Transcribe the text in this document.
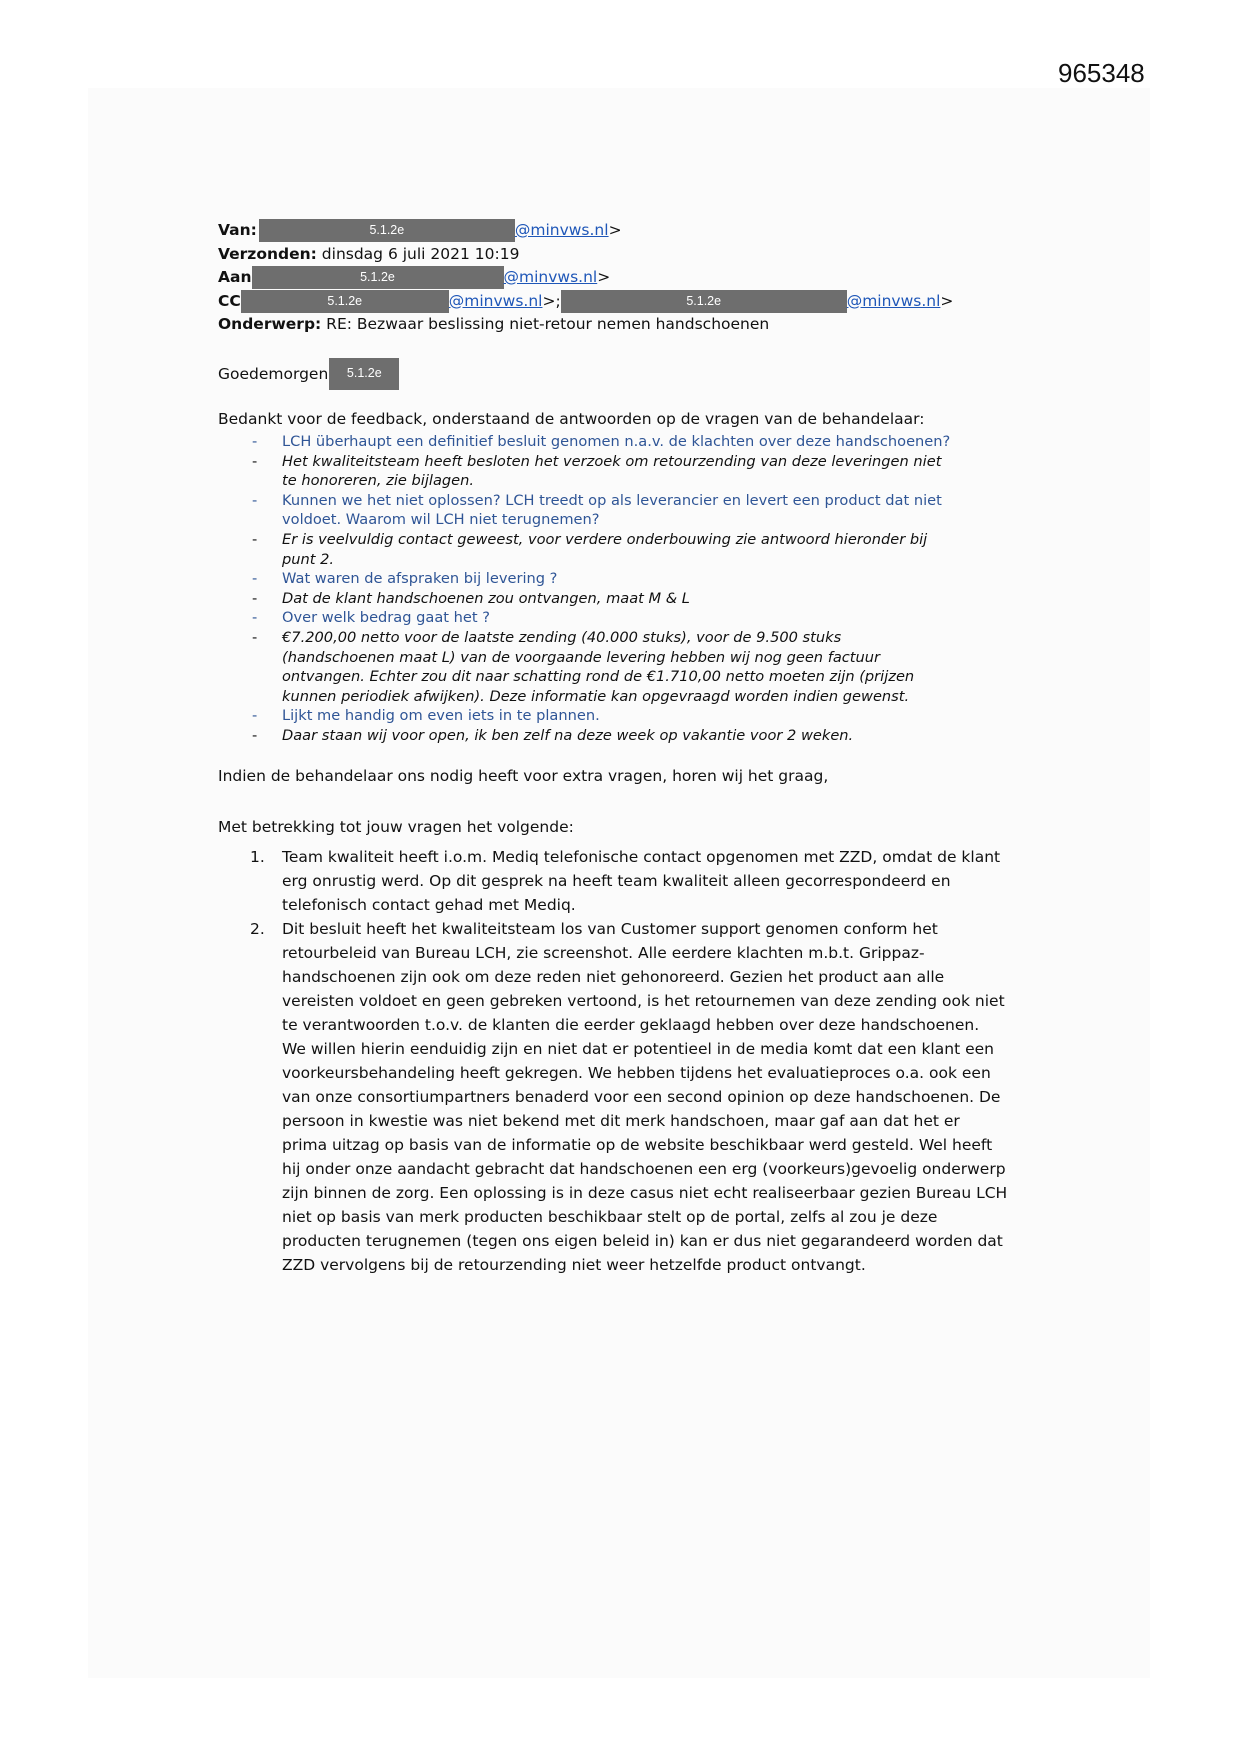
965348
Van:	5.1.2e	@minvws.nl>
Verzonden: dinsdag 6 juli 2021 10:19
Aan	5.1.2e	@minvws.nl>
CC	5.1.2e	@minvws.nl>;	5.1.2e	@minvws.nl>
Onderwerp: RE: Bezwaar beslissing niet-retour nemen handschoenen
Goedemorgen 5.1.2e
Bedankt voor de feedback, onderstaand de antwoorden op de vragen van de behandelaar:
- LCH überhaupt een definitief besluit genomen n.a.v. de klachten over deze handschoenen?
- Het kwaliteitsteam heeft besloten het verzoek om retourzending van deze leveringen niet
te honoreren, zie bijlagen.
- Kunnen we het niet oplossen? LCH treedt op als leverancier en levert een product dat niet
voldoet. Waarom wil LCH niet terugnemen?
- Er is veelvuldig contact geweest, voor verdere onderbouwing zie antwoord hieronder bij
punt 2.
- Wat waren de afspraken bij levering ?
- Dat de klant handschoenen zou ontvangen, maat M & L
- Over welk bedrag gaat het ?
- €7.200,00 netto voor de laatste zending (40.000 stuks), voor de 9.500 stuks
(handschoenen maat L) van de voorgaande levering hebben wij nog geen factuur
ontvangen. Echter zou dit naar schatting rond de €1.710,00 netto moeten zijn (prijzen
kunnen periodiek afwijken). Deze informatie kan opgevraagd worden indien gewenst.
- Lijkt me handig om even iets in te plannen.
- Daar staan wij voor open, ik ben zelf na deze week op vakantie voor 2 weken.
Indien de behandelaar ons nodig heeft voor extra vragen, horen wij het graag,
Met betrekking tot jouw vragen het volgende:
1. Team kwaliteit heeft i.o.m. Mediq telefonische contact opgenomen met ZZD, omdat de klant
erg onrustig werd. Op dit gesprek na heeft team kwaliteit alleen gecorrespondeerd en
telefonisch contact gehad met Mediq.
2. Dit besluit heeft het kwaliteitsteam los van Customer support genomen conform het
retourbeleid van Bureau LCH, zie screenshot. Alle eerdere klachten m.b.t. Grippaz-
handschoenen zijn ook om deze reden niet gehonoreerd. Gezien het product aan alle
vereisten voldoet en geen gebreken vertoond, is het retournemen van deze zending ook niet
te verantwoorden t.o.v. de klanten die eerder geklaagd hebben over deze handschoenen.
We willen hierin eenduidig zijn en niet dat er potentieel in de media komt dat een klant een
voorkeursbehandeling heeft gekregen. We hebben tijdens het evaluatieproces o.a. ook een
van onze consortiumpartners benaderd voor een second opinion op deze handschoenen. De
persoon in kwestie was niet bekend met dit merk handschoen, maar gaf aan dat het er
prima uitzag op basis van de informatie op de website beschikbaar werd gesteld. Wel heeft
hij onder onze aandacht gebracht dat handschoenen een erg (voorkeurs)gevoelig onderwerp
zijn binnen de zorg. Een oplossing is in deze casus niet echt realiseerbaar gezien Bureau LCH
niet op basis van merk producten beschikbaar stelt op de portal, zelfs al zou je deze
producten terugnemen (tegen ons eigen beleid in) kan er dus niet gegarandeerd worden dat
ZZD vervolgens bij de retourzending niet weer hetzelfde product ontvangt.
